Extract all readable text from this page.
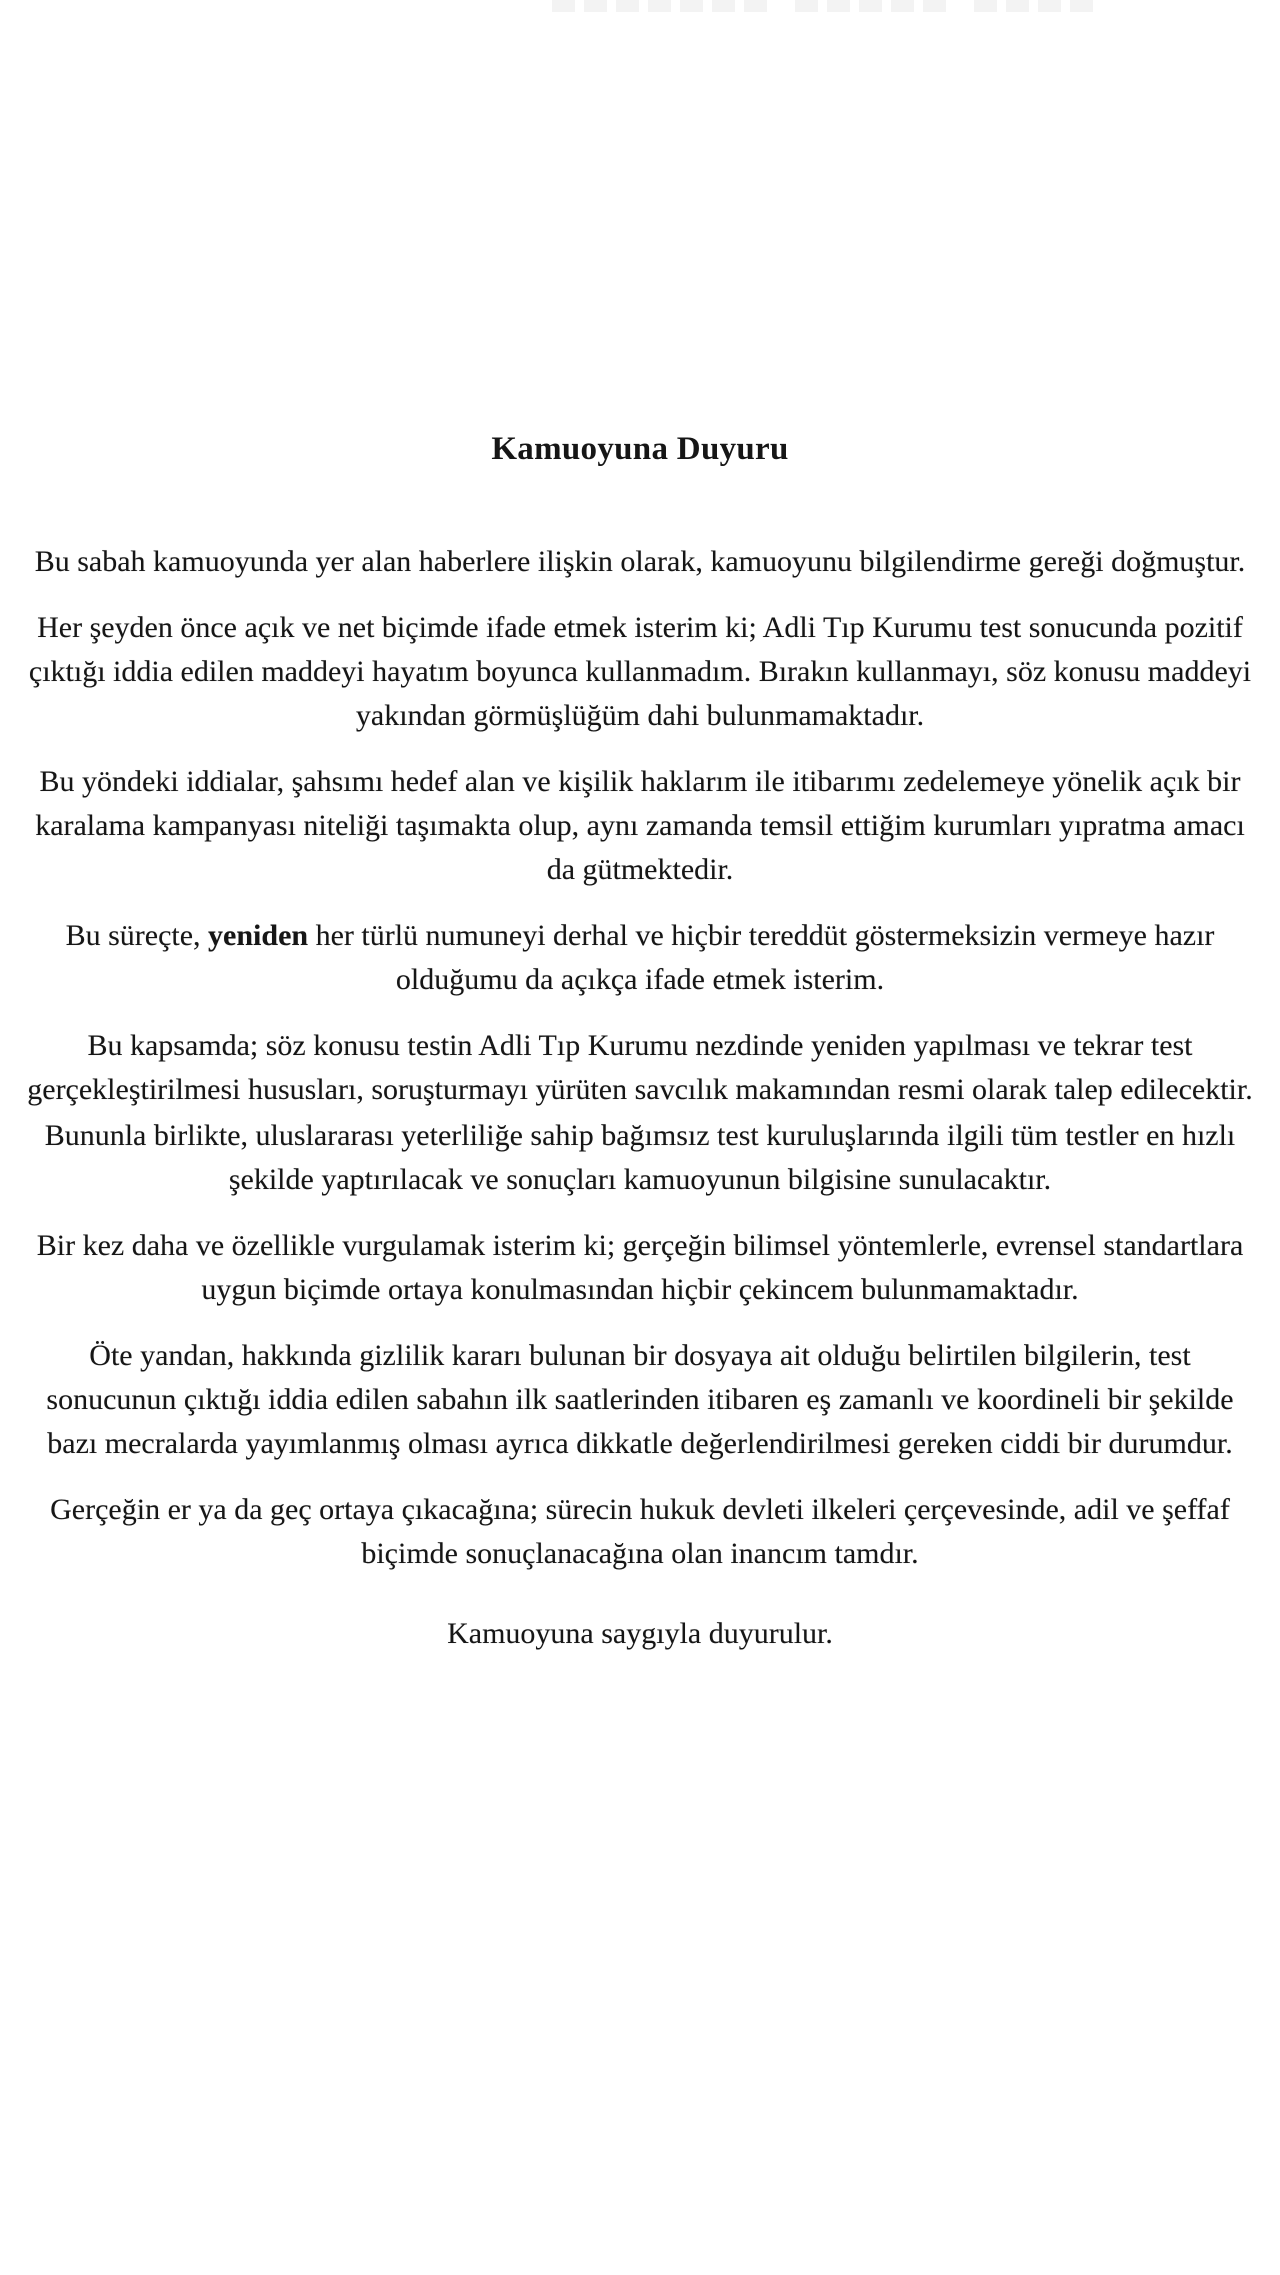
Kamuoyuna Duyuru

Bu sabah kamuoyunda yer alan haberlere ilişkin olarak, kamuoyunu bilgilendirme gereği doğmuştur.

Her şeyden önce açık ve net biçimde ifade etmek isterim ki; Adli Tıp Kurumu test sonucunda pozitif çıktığı iddia edilen maddeyi hayatım boyunca kullanmadım. Bırakın kullanmayı, söz konusu maddeyi yakından görmüşlüğüm dahi bulunmamaktadır.

Bu yöndeki iddialar, şahsımı hedef alan ve kişilik haklarım ile itibarımı zedelemeye yönelik açık bir karalama kampanyası niteliği taşımakta olup, aynı zamanda temsil ettiğim kurumları yıpratma amacı da gütmektedir.

Bu süreçte, yeniden her türlü numuneyi derhal ve hiçbir tereddüt göstermeksizin vermeye hazır olduğumu da açıkça ifade etmek isterim.

Bu kapsamda; söz konusu testin Adli Tıp Kurumu nezdinde yeniden yapılması ve tekrar test gerçekleştirilmesi hususları, soruşturmayı yürüten savcılık makamından resmi olarak talep edilecektir.

Bununla birlikte, uluslararası yeterliliğe sahip bağımsız test kuruluşlarında ilgili tüm testler en hızlı şekilde yaptırılacak ve sonuçları kamuoyunun bilgisine sunulacaktır.

Bir kez daha ve özellikle vurgulamak isterim ki; gerçeğin bilimsel yöntemlerle, evrensel standartlara uygun biçimde ortaya konulmasından hiçbir çekincem bulunmamaktadır.

Öte yandan, hakkında gizlilik kararı bulunan bir dosyaya ait olduğu belirtilen bilgilerin, test sonucunun çıktığı iddia edilen sabahın ilk saatlerinden itibaren eş zamanlı ve koordineli bir şekilde bazı mecralarda yayımlanmış olması ayrıca dikkatle değerlendirilmesi gereken ciddi bir durumdur.

Gerçeğin er ya da geç ortaya çıkacağına; sürecin hukuk devleti ilkeleri çerçevesinde, adil ve şeffaf biçimde sonuçlanacağına olan inancım tamdır.

Kamuoyuna saygıyla duyurulur.
